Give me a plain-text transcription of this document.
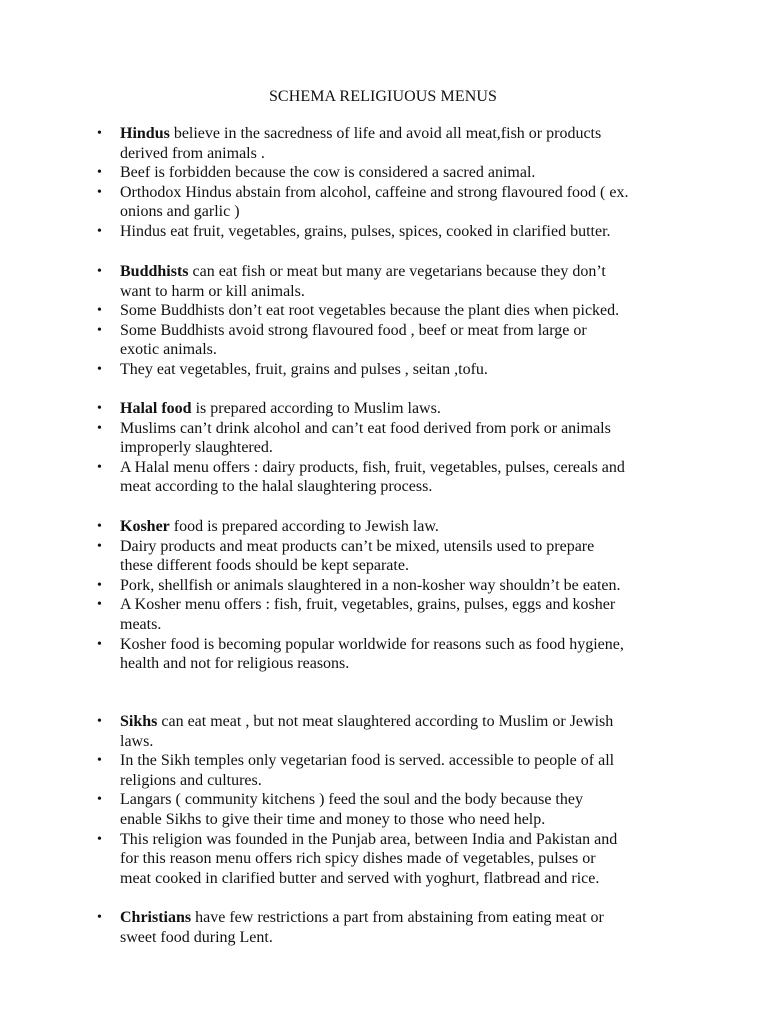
SCHEMA RELIGIUOUS MENUS
• Hindus believe in the sacredness of life and avoid all meat,fish or products
derived from animals .
• Beef is forbidden because the cow is considered a sacred animal.
• Orthodox Hindus abstain from alcohol, caffeine and strong flavoured food ( ex.
onions and garlic )
• Hindus eat fruit, vegetables, grains, pulses, spices, cooked in clarified butter.
• Buddhists can eat fish or meat but many are vegetarians because they don’t
want to harm or kill animals.
• Some Buddhists don’t eat root vegetables because the plant dies when picked.
• Some Buddhists avoid strong flavoured food , beef or meat from large or
exotic animals.
• They eat vegetables, fruit, grains and pulses , seitan ,tofu.
• Halal food is prepared according to Muslim laws.
• Muslims can’t drink alcohol and can’t eat food derived from pork or animals
improperly slaughtered.
• A Halal menu offers : dairy products, fish, fruit, vegetables, pulses, cereals and
meat according to the halal slaughtering process.
• Kosher food is prepared according to Jewish law.
• Dairy products and meat products can’t be mixed, utensils used to prepare
these different foods should be kept separate.
• Pork, shellfish or animals slaughtered in a non-kosher way shouldn’t be eaten.
• A Kosher menu offers : fish, fruit, vegetables, grains, pulses, eggs and kosher
meats.
• Kosher food is becoming popular worldwide for reasons such as food hygiene,
health and not for religious reasons.
• Sikhs can eat meat , but not meat slaughtered according to Muslim or Jewish
laws.
• In the Sikh temples only vegetarian food is served. accessible to people of all
religions and cultures.
• Langars ( community kitchens ) feed the soul and the body because they
enable Sikhs to give their time and money to those who need help.
• This religion was founded in the Punjab area, between India and Pakistan and
for this reason menu offers rich spicy dishes made of vegetables, pulses or
meat cooked in clarified butter and served with yoghurt, flatbread and rice.
• Christians have few restrictions a part from abstaining from eating meat or
sweet food during Lent.
